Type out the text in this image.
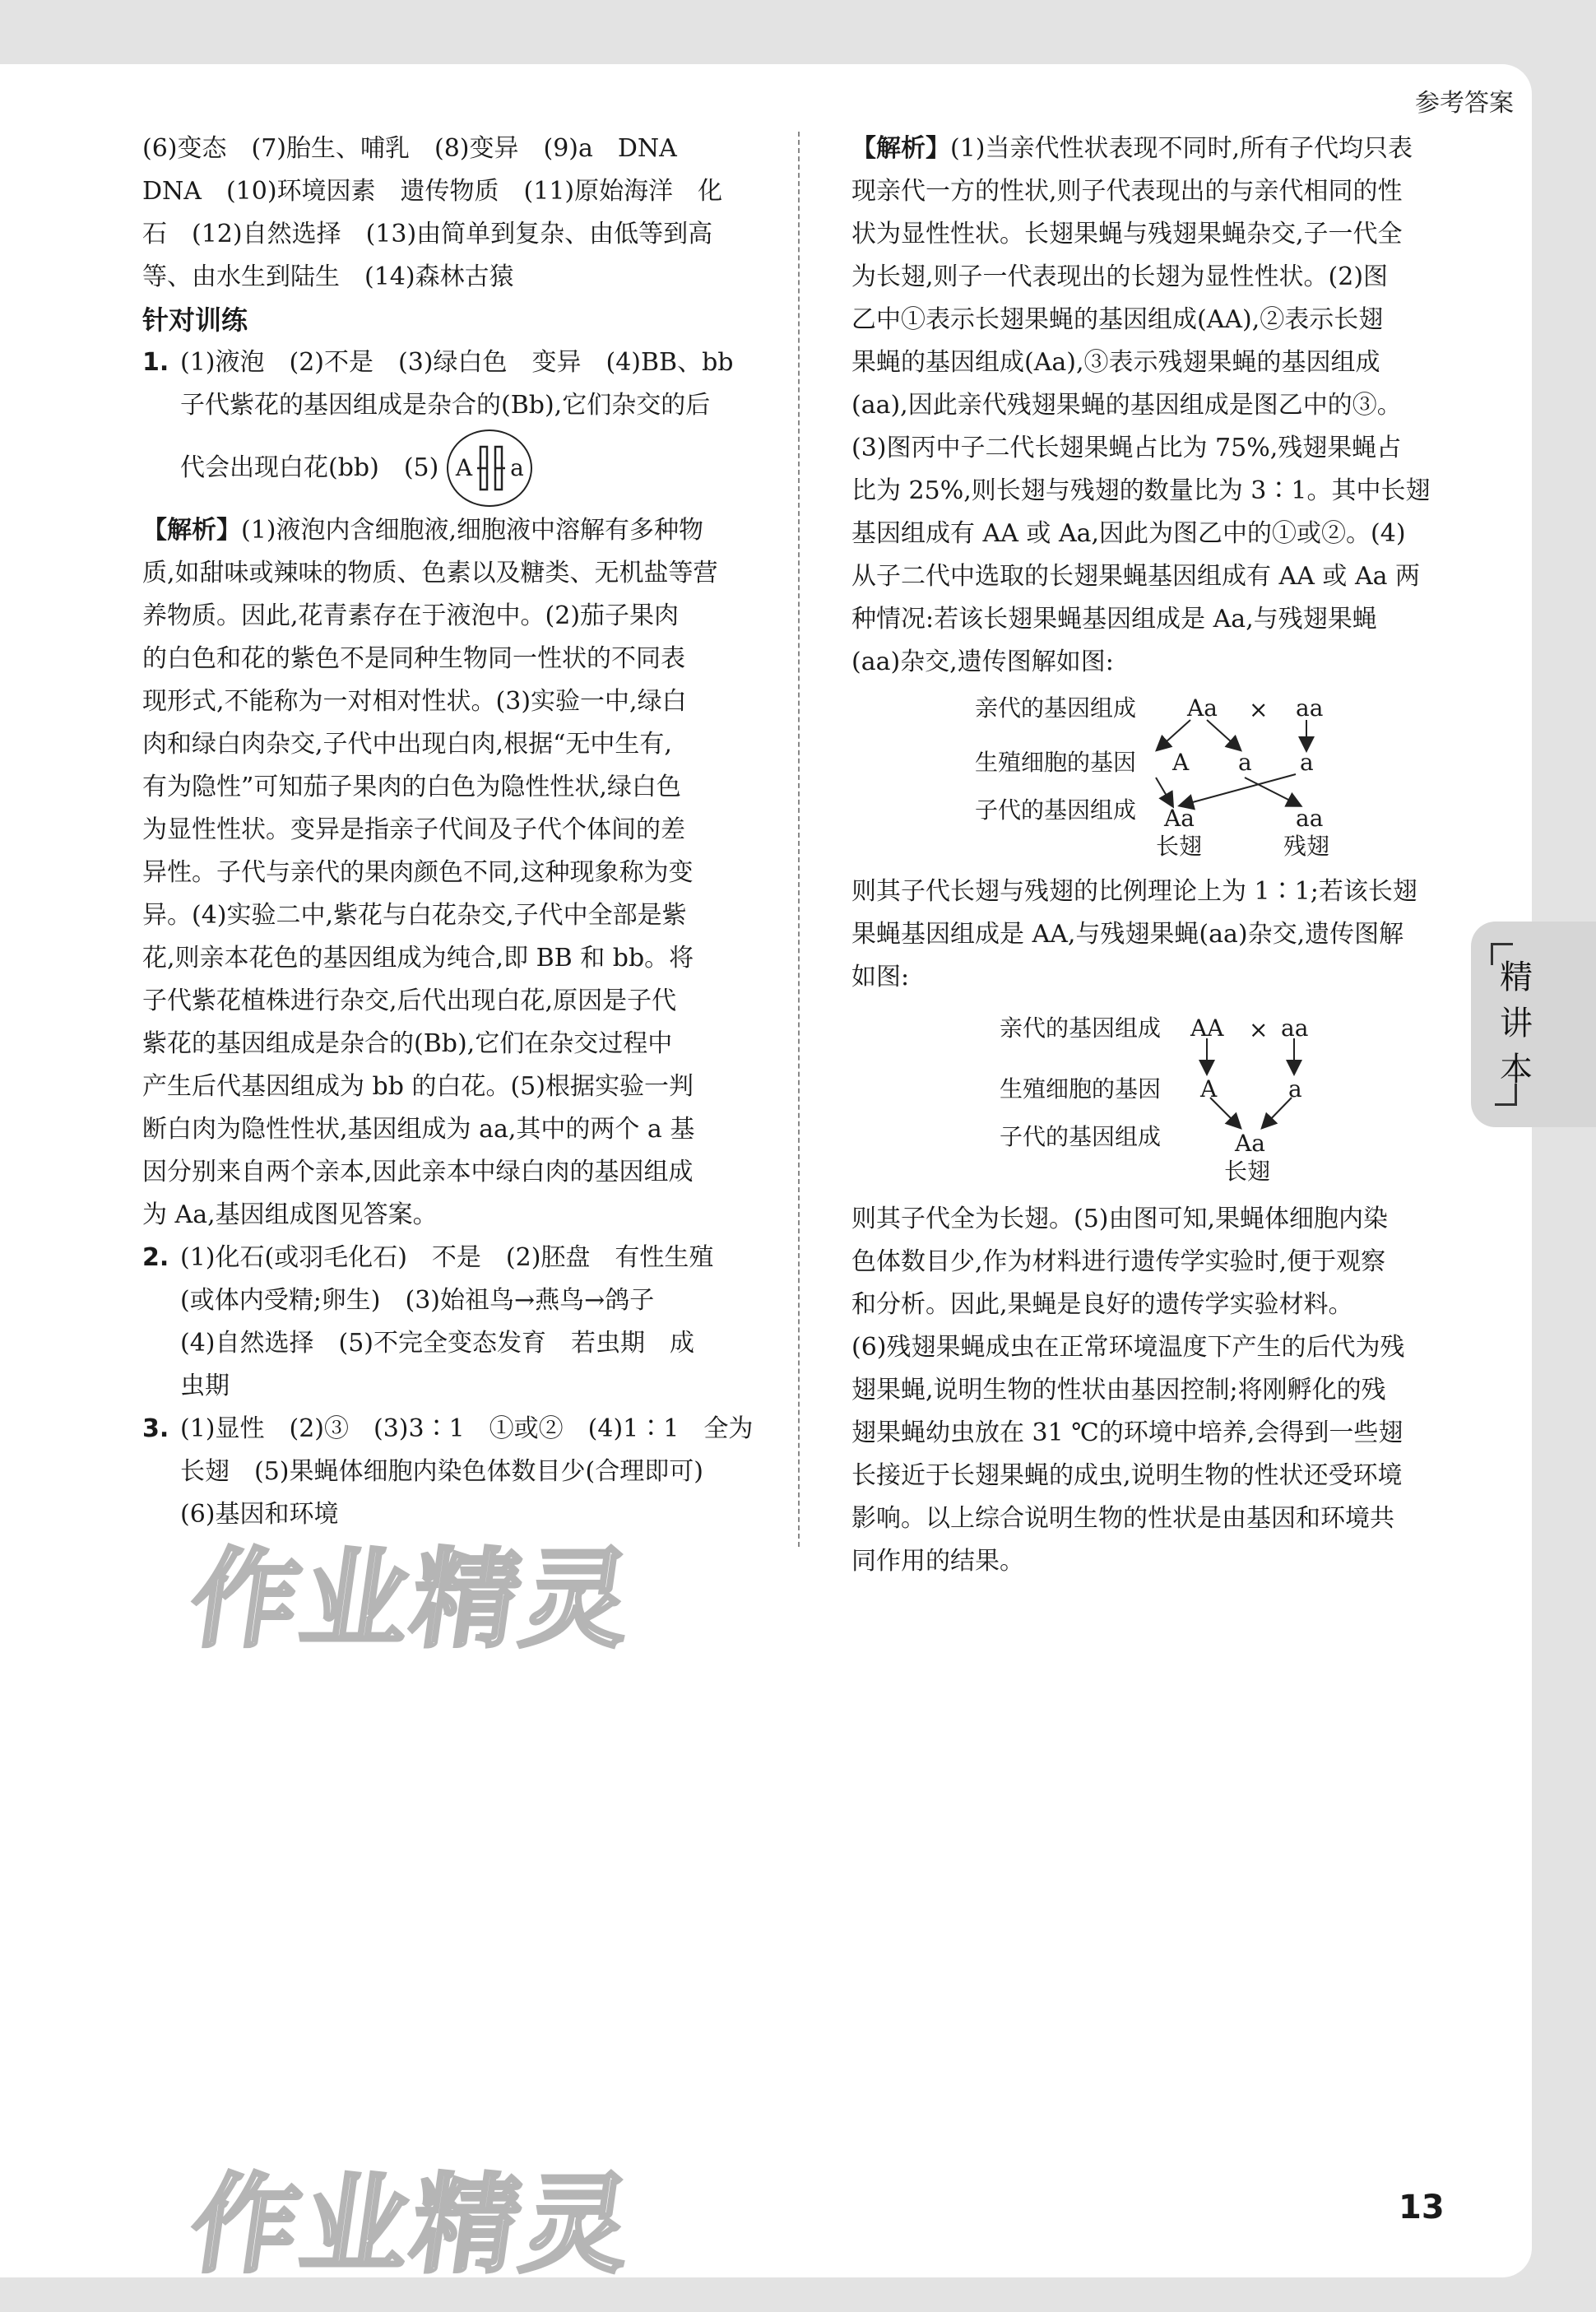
参考答案

(6)变态　(7)胎生、哺乳　(8)变异　(9)a　DNA

DNA　(10)环境因素　遗传物质　(11)原始海洋　化

石　(12)自然选择　(13)由简单到复杂、由低等到高

等、由水生到陆生　(14)森林古猿

针对训练
1. (1)液泡　(2)不是　(3)绿白色　变异　(4)BB、bb

子代紫花的基因组成是杂合的(Bb),它们杂交的后

代会出现白花(bb)　(5) A a

【解析】(1)液泡内含细胞液,细胞液中溶解有多种物

质,如甜味或辣味的物质、色素以及糖类、无机盐等营

养物质。因此,花青素存在于液泡中。(2)茄子果肉

的白色和花的紫色不是同种生物同一性状的不同表

现形式,不能称为一对相对性状。(3)实验一中,绿白

肉和绿白肉杂交,子代中出现白肉,根据“无中生有,

有为隐性”可知茄子果肉的白色为隐性性状,绿白色

为显性性状。变异是指亲子代间及子代个体间的差

异性。子代与亲代的果肉颜色不同,这种现象称为变

异。(4)实验二中,紫花与白花杂交,子代中全部是紫

花,则亲本花色的基因组成为纯合,即 BB 和 bb。将

子代紫花植株进行杂交,后代出现白花,原因是子代

紫花的基因组成是杂合的(Bb),它们在杂交过程中

产生后代基因组成为 bb 的白花。(5)根据实验一判

断白肉为隐性性状,基因组成为 aa,其中的两个 a 基

因分别来自两个亲本,因此亲本中绿白肉的基因组成

为 Aa,基因组成图见答案。

2. (1)化石(或羽毛化石)　不是　(2)胚盘　有性生殖

(或体内受精;卵生)　(3)始祖鸟→燕鸟→鸽子

(4)自然选择　(5)不完全变态发育　若虫期　成

虫期

3. (1)显性　(2)③　(3)3∶1　①或②　(4)1∶1　全为

长翅　(5)果蝇体细胞内染色体数目少(合理即可)

(6)基因和环境

【解析】(1)当亲代性状表现不同时,所有子代均只表

现亲代一方的性状,则子代表现出的与亲代相同的性

状为显性性状。长翅果蝇与残翅果蝇杂交,子一代全

为长翅,则子一代表现出的长翅为显性性状。(2)图

乙中①表示长翅果蝇的基因组成(AA),②表示长翅

果蝇的基因组成(Aa),③表示残翅果蝇的基因组成

(aa),因此亲代残翅果蝇的基因组成是图乙中的③。

(3)图丙中子二代长翅果蝇占比为 75%,残翅果蝇占

比为 25%,则长翅与残翅的数量比为 3∶1。其中长翅

基因组成有 AA 或 Aa,因此为图乙中的①或②。(4)

从子二代中选取的长翅果蝇基因组成有 AA 或 Aa 两

种情况:若该长翅果蝇基因组成是 Aa,与残翅果蝇

(aa)杂交,遗传图解如图:

亲代的基因组成 Aa × aa
生殖细胞的基因 A a a
子代的基因组成 Aa	aa
长翅	残翅

则其子代长翅与残翅的比例理论上为 1∶1;若该长翅

果蝇基因组成是 AA,与残翅果蝇(aa)杂交,遗传图解

如图:

亲代的基因组成 AA × aa
生殖细胞的基因 A	a
子代的基因组成	Aa
长翅

则其子代全为长翅。(5)由图可知,果蝇体细胞内染

色体数目少,作为材料进行遗传学实验时,便于观察

和分析。因此,果蝇是良好的遗传学实验材料。

(6)残翅果蝇成虫在正常环境温度下产生的后代为残

翅果蝇,说明生物的性状由基因控制;将刚孵化的残

翅果蝇幼虫放在 31 ℃的环境中培养,会得到一些翅

长接近于长翅果蝇的成虫,说明生物的性状还受环境

影响。以上综合说明生物的性状是由基因和环境共

同作用的结果。

精
讲
本
作业精灵
作业精灵	13
